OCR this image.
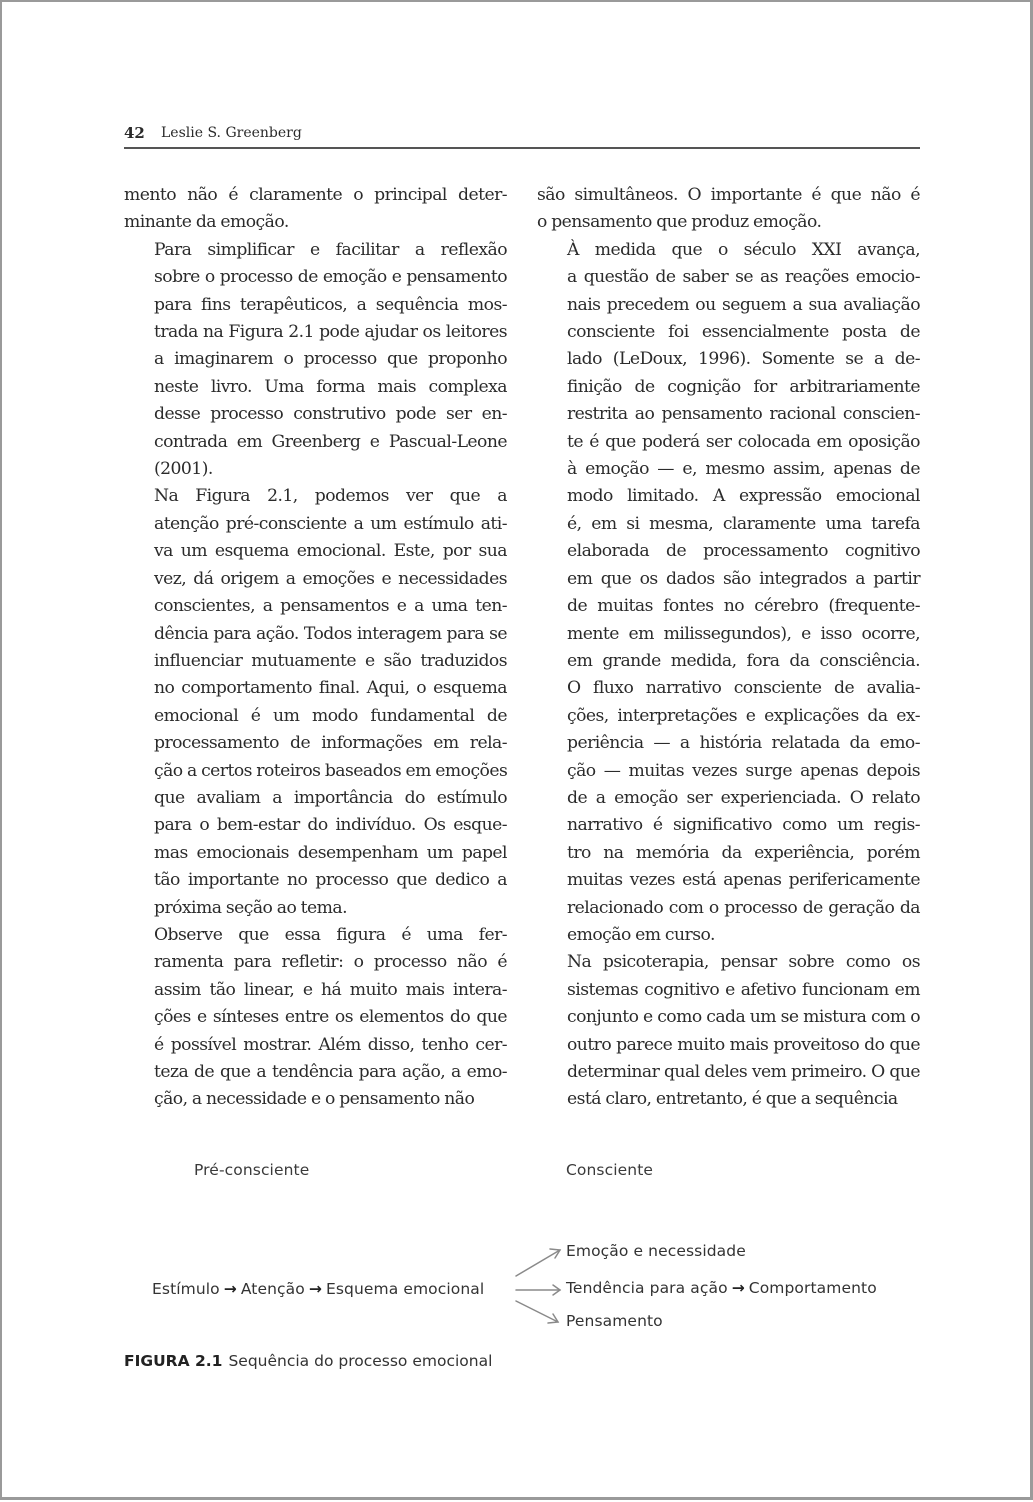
42 Leslie S. Greenberg

mento não é claramente o principal deter-
minante da emoção.

Para simplificar e facilitar a reflexão
sobre o processo de emoção e pensamento
para fins terapêuticos, a sequência mos-
trada na Figura 2.1 pode ajudar os leitores
a imaginarem o processo que proponho
neste livro. Uma forma mais complexa
desse processo construtivo pode ser en-
contrada em Greenberg e Pascual-Leone
(2001).

Na Figura 2.1, podemos ver que a
atenção pré-consciente a um estímulo ati-
va um esquema emocional. Este, por sua
vez, dá origem a emoções e necessidades
conscientes, a pensamentos e a uma ten-
dência para ação. Todos interagem para se
influenciar mutuamente e são traduzidos
no comportamento final. Aqui, o esquema
emocional é um modo fundamental de
processamento de informações em rela-
ção a certos roteiros baseados em emoções
que avaliam a importância do estímulo
para o bem-estar do indivíduo. Os esque-
mas emocionais desempenham um papel
tão importante no processo que dedico a
próxima seção ao tema.

Observe que essa figura é uma fer-
ramenta para refletir: o processo não é
assim tão linear, e há muito mais intera-
ções e sínteses entre os elementos do que
é possível mostrar. Além disso, tenho cer-
teza de que a tendência para ação, a emo-
ção, a necessidade e o pensamento não

são simultâneos. O importante é que não é
o pensamento que produz emoção.

À medida que o século XXI avança,
a questão de saber se as reações emocio-
nais precedem ou seguem a sua avaliação
consciente foi essencialmente posta de
lado (LeDoux, 1996). Somente se a de-
finição de cognição for arbitrariamente
restrita ao pensamento racional conscien-
te é que poderá ser colocada em oposição
à emoção — e, mesmo assim, apenas de
modo limitado. A expressão emocional
é, em si mesma, claramente uma tarefa
elaborada de processamento cognitivo
em que os dados são integrados a partir
de muitas fontes no cérebro (frequente-
mente em milissegundos), e isso ocorre,
em grande medida, fora da consciência.
O fluxo narrativo consciente de avalia-
ções, interpretações e explicações da ex-
periência — a história relatada da emo-
ção — muitas vezes surge apenas depois
de a emoção ser experienciada. O relato
narrativo é significativo como um regis-
tro na memória da experiência, porém
muitas vezes está apenas perifericamente
relacionado com o processo de geração da
emoção em curso.

Na psicoterapia, pensar sobre como os
sistemas cognitivo e afetivo funcionam em
conjunto e como cada um se mistura com o
outro parece muito mais proveitoso do que
determinar qual deles vem primeiro. O que
está claro, entretanto, é que a sequência

Pré-consciente	Consciente
Estímulo → Atenção → Esquema emocional
Emoção e necessidade
Tendência para ação → Comportamento
Pensamento
FIGURA 2.1 Sequência do processo emocional
